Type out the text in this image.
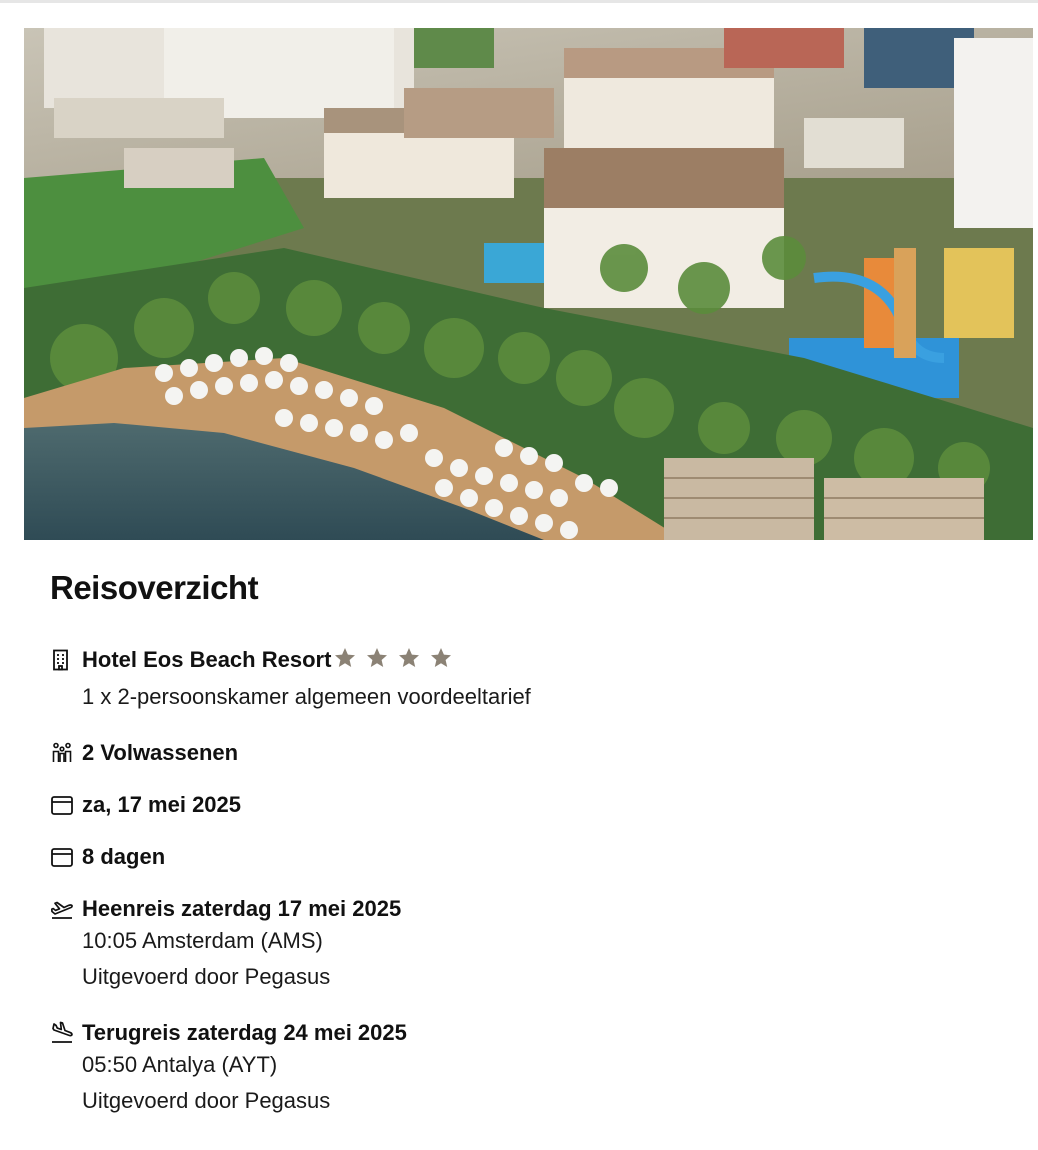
Reisoverzicht
Hotel Eos Beach Resort
1 x 2-persoonskamer algemeen voordeeltarief
2 Volwassenen
za, 17 mei 2025
8 dagen
Heenreis zaterdag 17 mei 2025
10:05 Amsterdam (AMS)
Uitgevoerd door Pegasus
Terugreis zaterdag 24 mei 2025
05:50 Antalya (AYT)
Uitgevoerd door Pegasus
